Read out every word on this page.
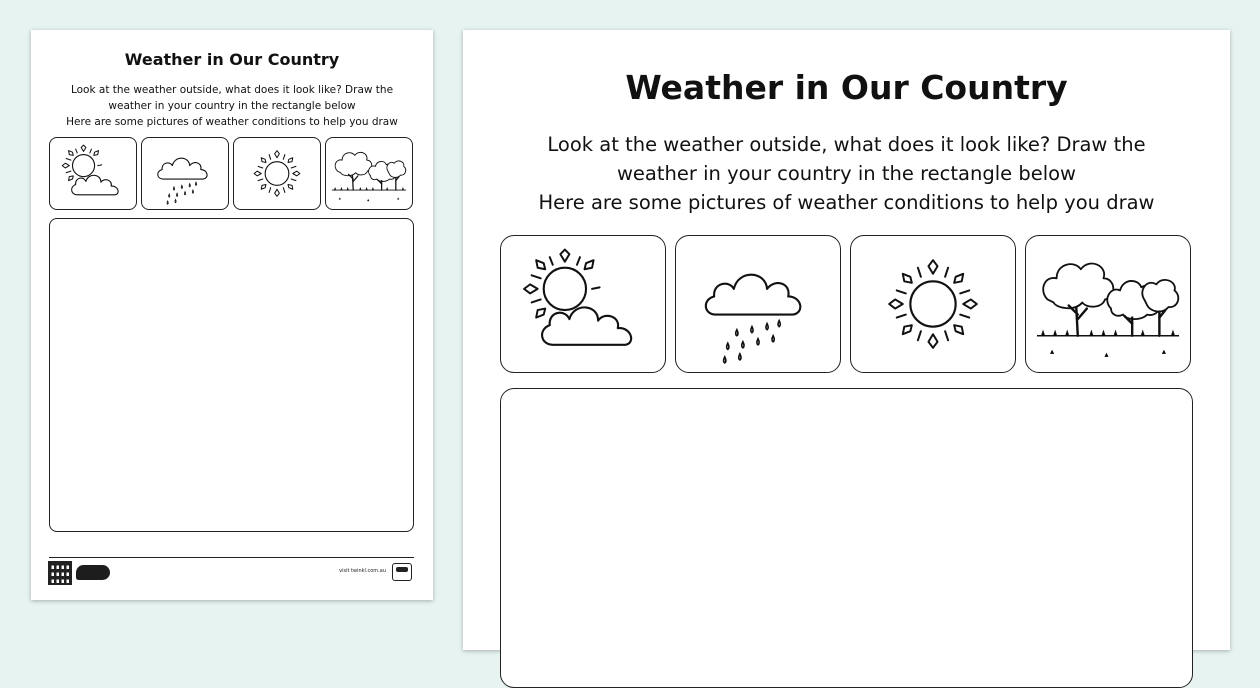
Weather in Our Country
Look at the weather outside, what does it look like? Draw the
weather in your country in the rectangle below
Here are some pictures of weather conditions to help you draw
visit twinkl.com.au
Weather in Our Country
Look at the weather outside, what does it look like? Draw the
weather in your country in the rectangle below
Here are some pictures of weather conditions to help you draw
